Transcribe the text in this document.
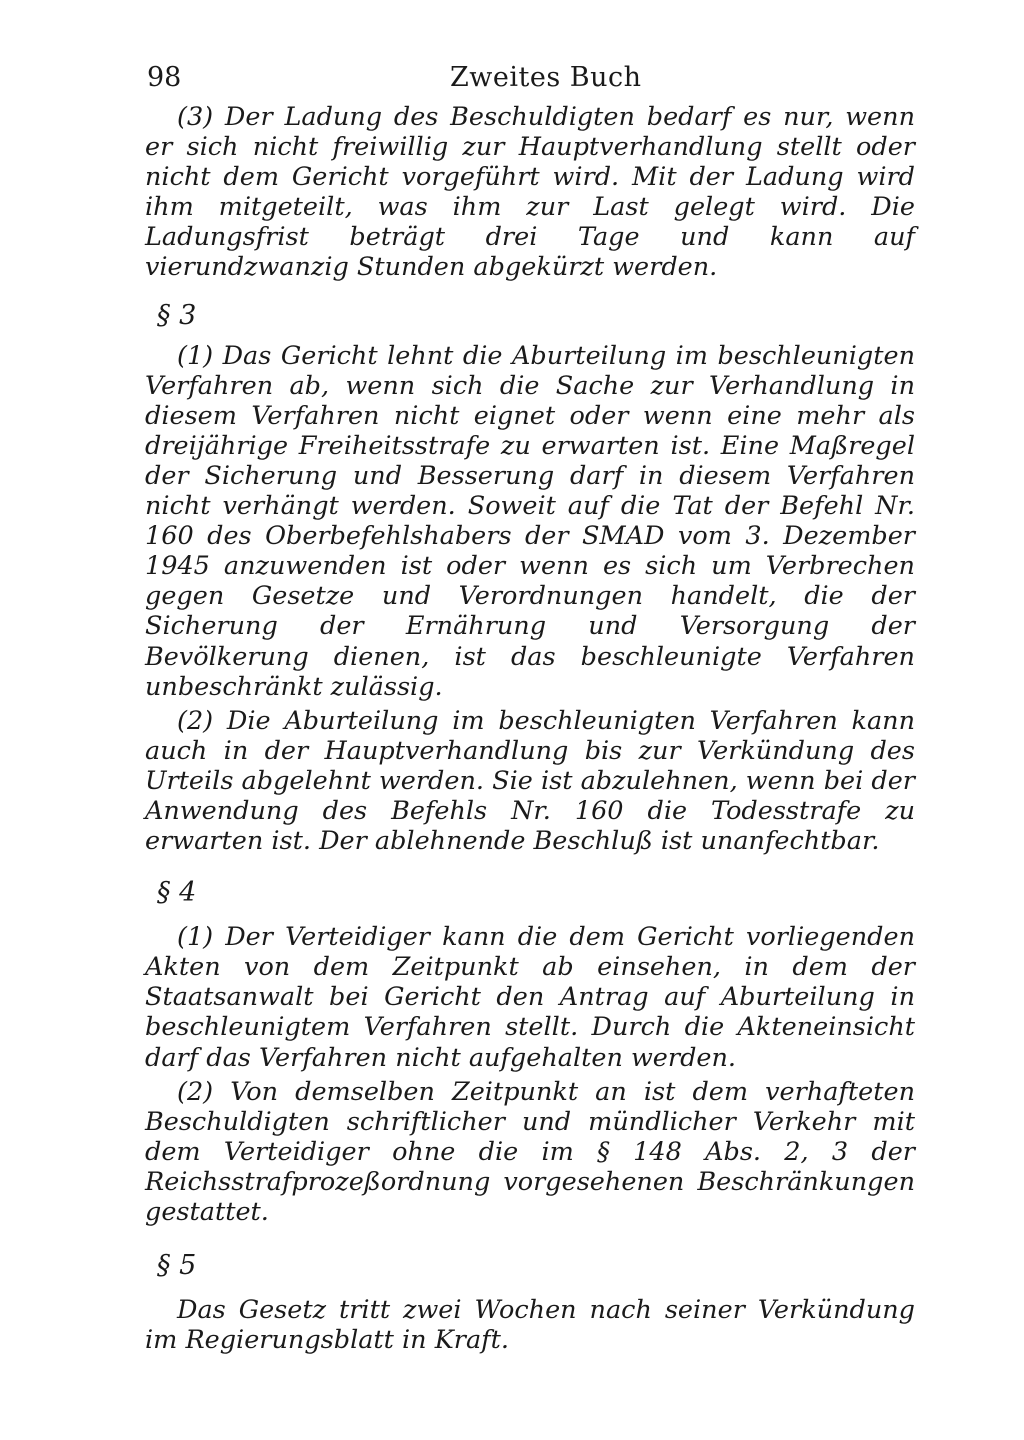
98	Zweites Buch

(3) Der Ladung des Beschuldigten bedarf es nur, wenn er sich nicht freiwillig zur Hauptverhandlung stellt oder nicht dem Gericht vorgeführt wird. Mit der Ladung wird ihm mitgeteilt, was ihm zur Last gelegt wird. Die Ladungsfrist beträgt drei Tage und kann auf vierundzwanzig Stunden abgekürzt werden.

§ 3

(1) Das Gericht lehnt die Aburteilung im beschleunigten Verfahren ab, wenn sich die Sache zur Verhandlung in diesem Verfahren nicht eignet oder wenn eine mehr als dreijährige Freiheitsstrafe zu erwarten ist. Eine Maßregel der Sicherung und Besserung darf in diesem Verfahren nicht verhängt werden. Soweit auf die Tat der Befehl Nr. 160 des Oberbefehlshabers der SMAD vom 3. Dezember 1945 anzuwenden ist oder wenn es sich um Verbrechen gegen Gesetze und Verordnungen handelt, die der Sicherung der Ernährung und Versorgung der Bevölkerung dienen, ist das beschleunigte Verfahren unbeschränkt zulässig.

(2) Die Aburteilung im beschleunigten Verfahren kann auch in der Hauptverhandlung bis zur Verkündung des Urteils abgelehnt werden. Sie ist abzulehnen, wenn bei der Anwendung des Befehls Nr. 160 die Todesstrafe zu erwarten ist. Der ablehnende Beschluß ist unanfechtbar.

§ 4

(1) Der Verteidiger kann die dem Gericht vorliegenden Akten von dem Zeitpunkt ab einsehen, in dem der Staatsanwalt bei Gericht den Antrag auf Aburteilung in beschleunigtem Verfahren stellt. Durch die Akteneinsicht darf das Verfahren nicht aufgehalten werden.

(2) Von demselben Zeitpunkt an ist dem verhafteten Beschuldigten schriftlicher und mündlicher Verkehr mit dem Verteidiger ohne die im § 148 Abs. 2, 3 der Reichsstrafprozeßordnung vorgesehenen Beschränkungen gestattet.

§ 5

Das Gesetz tritt zwei Wochen nach seiner Verkündung im Regierungsblatt in Kraft.
